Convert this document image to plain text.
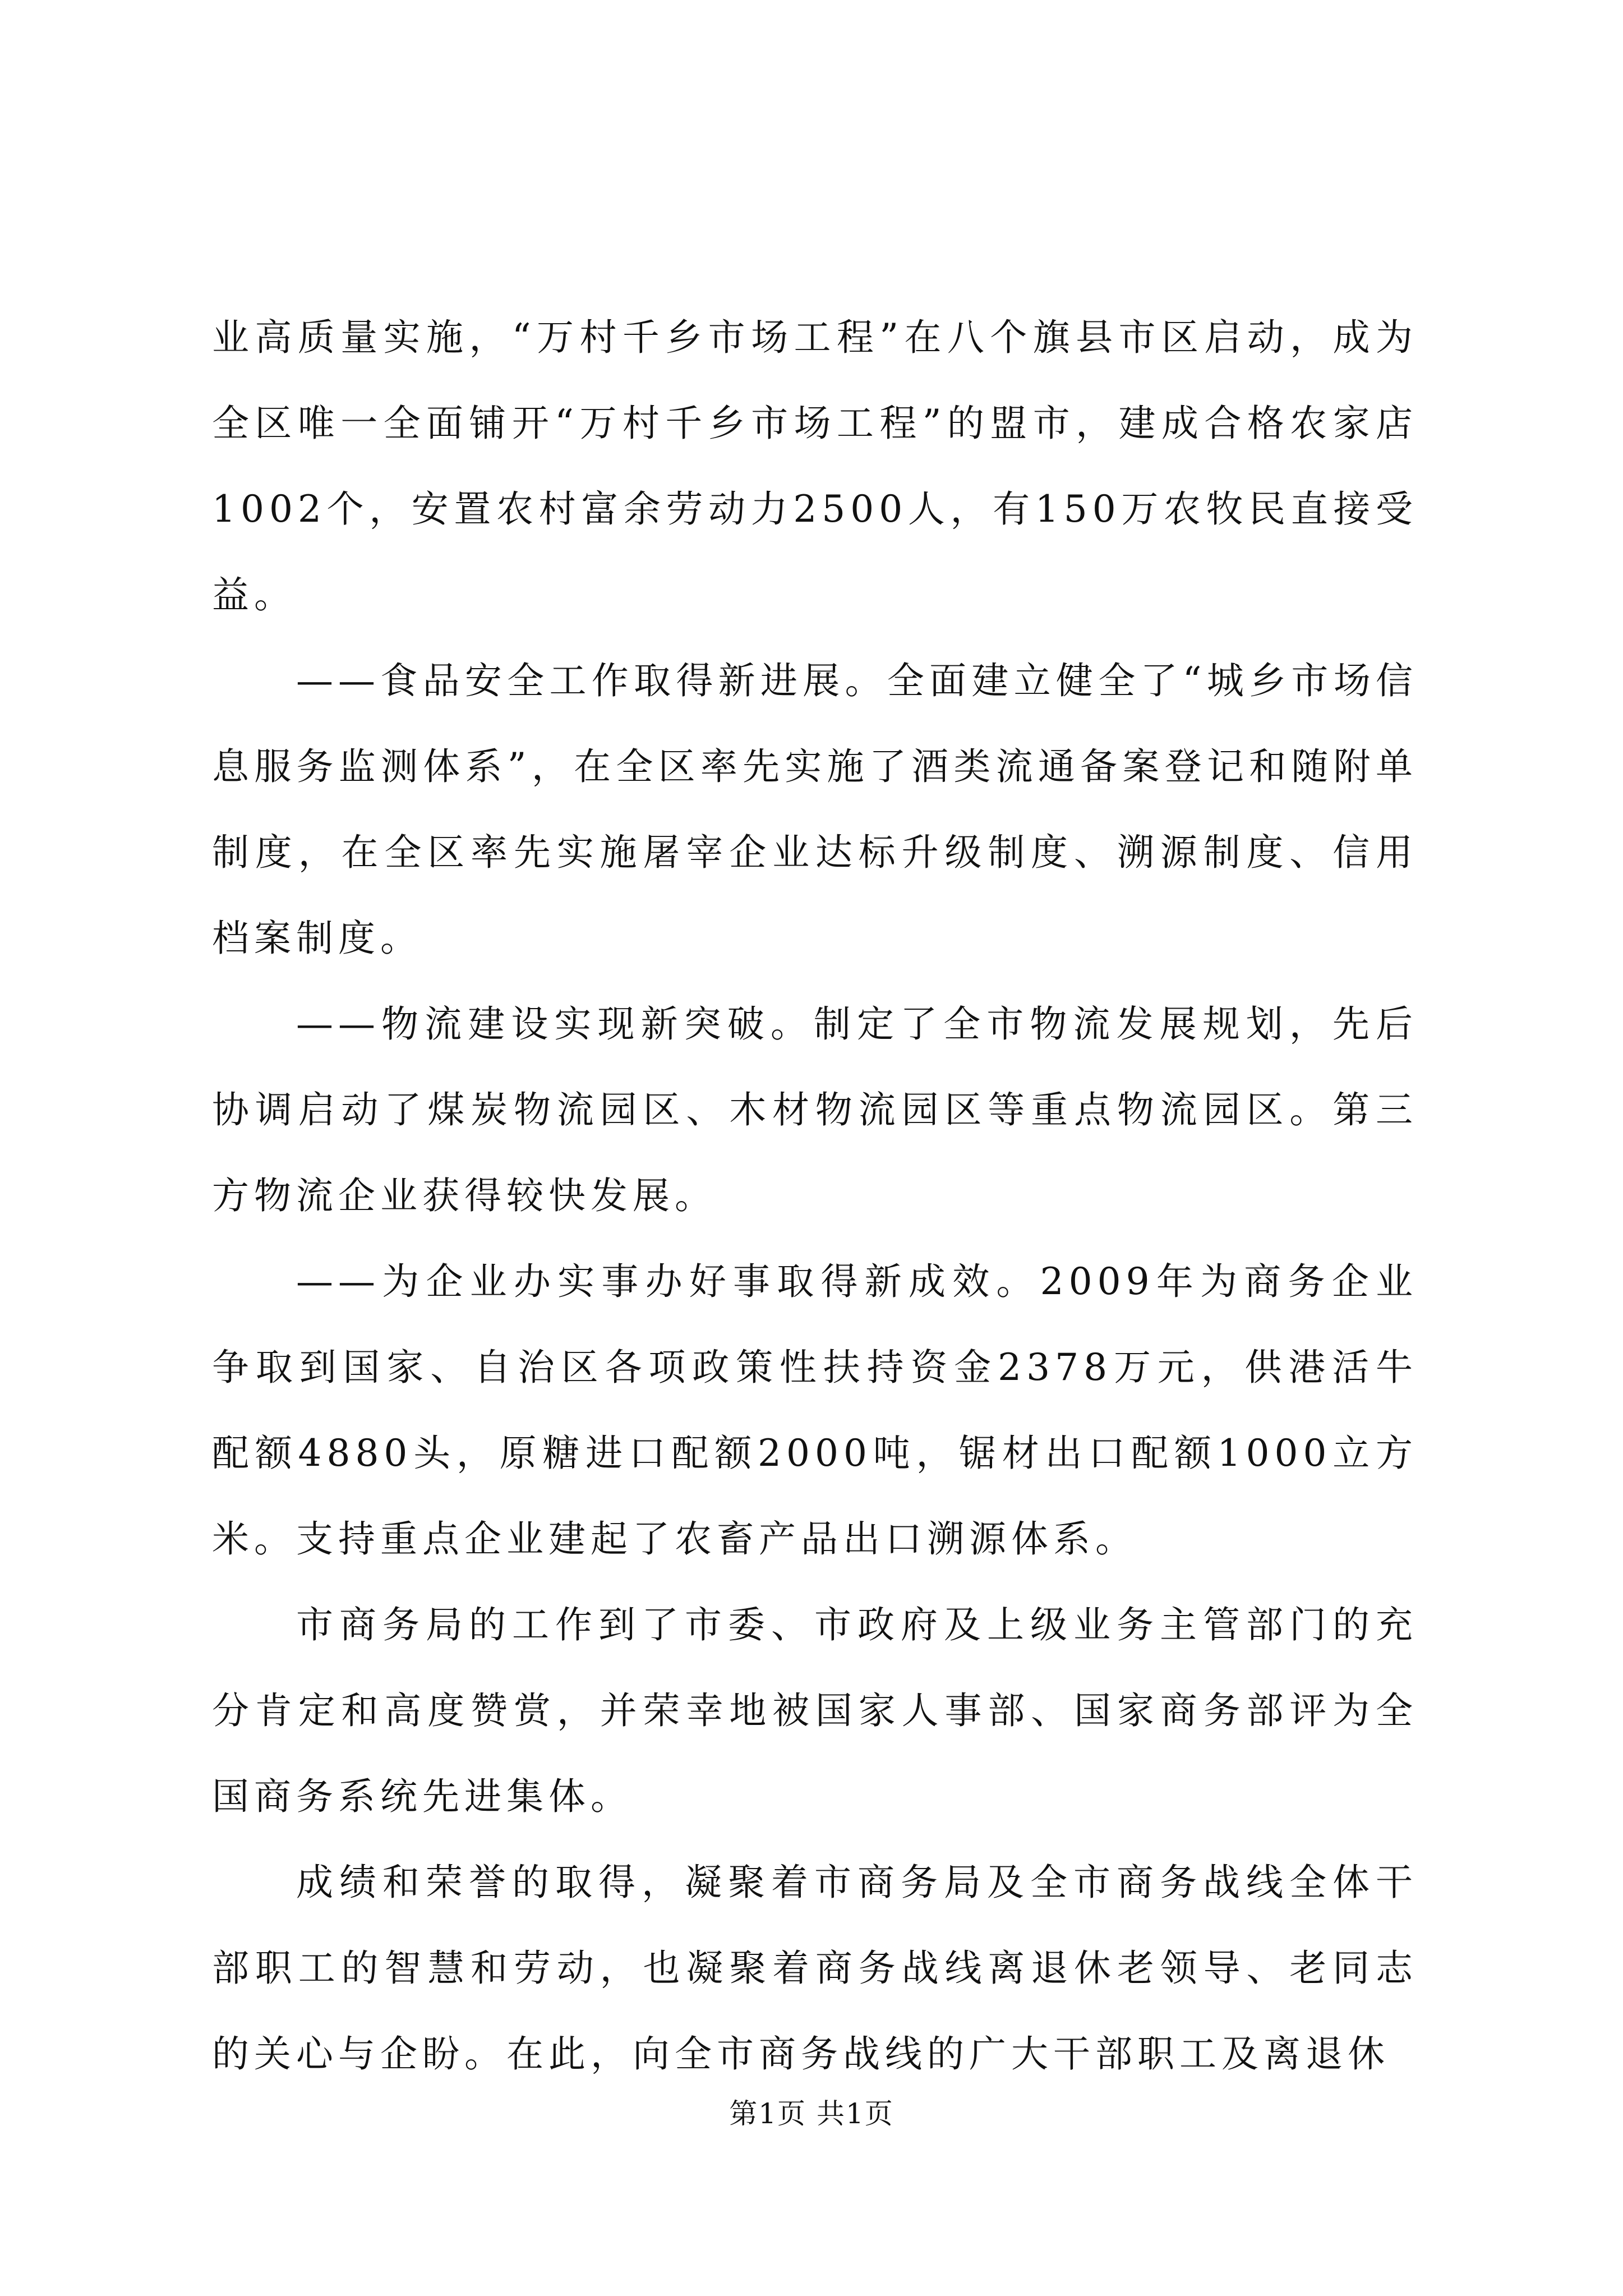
业高质量实施，“万村千乡市场工程”在八个旗县市区启动，成为全区唯一全面铺开“万村千乡市场工程”的盟市，建成合格农家店1002个，安置农村富余劳动力2500人，有150万农牧民直接受益。

——食品安全工作取得新进展。全面建立健全了“城乡市场信息服务监测体系”，在全区率先实施了酒类流通备案登记和随附单制度，在全区率先实施屠宰企业达标升级制度、溯源制度、信用档案制度。

——物流建设实现新突破。制定了全市物流发展规划，先后协调启动了煤炭物流园区、木材物流园区等重点物流园区。第三方物流企业获得较快发展。

——为企业办实事办好事取得新成效。2009年为商务企业争取到国家、自治区各项政策性扶持资金2378万元，供港活牛配额4880头，原糖进口配额2000吨，锯材出口配额1000立方米。支持重点企业建起了农畜产品出口溯源体系。

市商务局的工作到了市委、市政府及上级业务主管部门的充分肯定和高度赞赏，并荣幸地被国家人事部、国家商务部评为全国商务系统先进集体。

成绩和荣誉的取得，凝聚着市商务局及全市商务战线全体干部职工的智慧和劳动，也凝聚着商务战线离退休老领导、老同志的关心与企盼。在此，向全市商务战线的广大干部职工及离退休

第1页 共1页
